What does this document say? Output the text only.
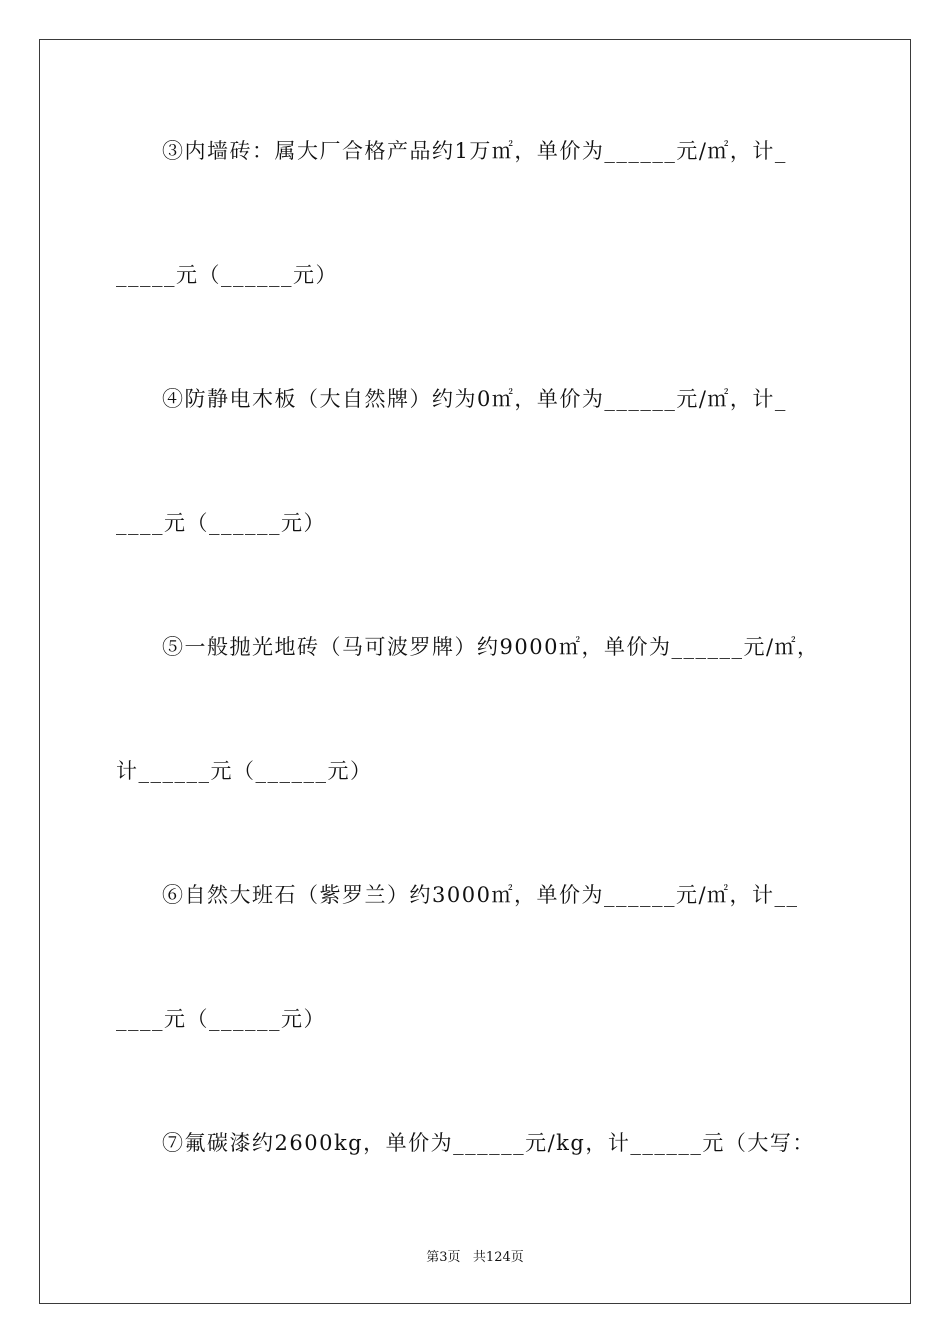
③内墙砖：属大厂合格产品约1万㎡，单价为______元/㎡，计_
_____元（______元）
④防静电木板（大自然牌）约为0㎡，单价为______元/㎡，计_
____元（______元）
⑤一般抛光地砖（马可波罗牌）约9000㎡，单价为______元/㎡，
计______元（______元）
⑥自然大班石（紫罗兰）约3000㎡，单价为______元/㎡，计__
____元（______元）
⑦氟碳漆约2600kg，单价为______元/kg，计______元（大写：
第3页   共124页
